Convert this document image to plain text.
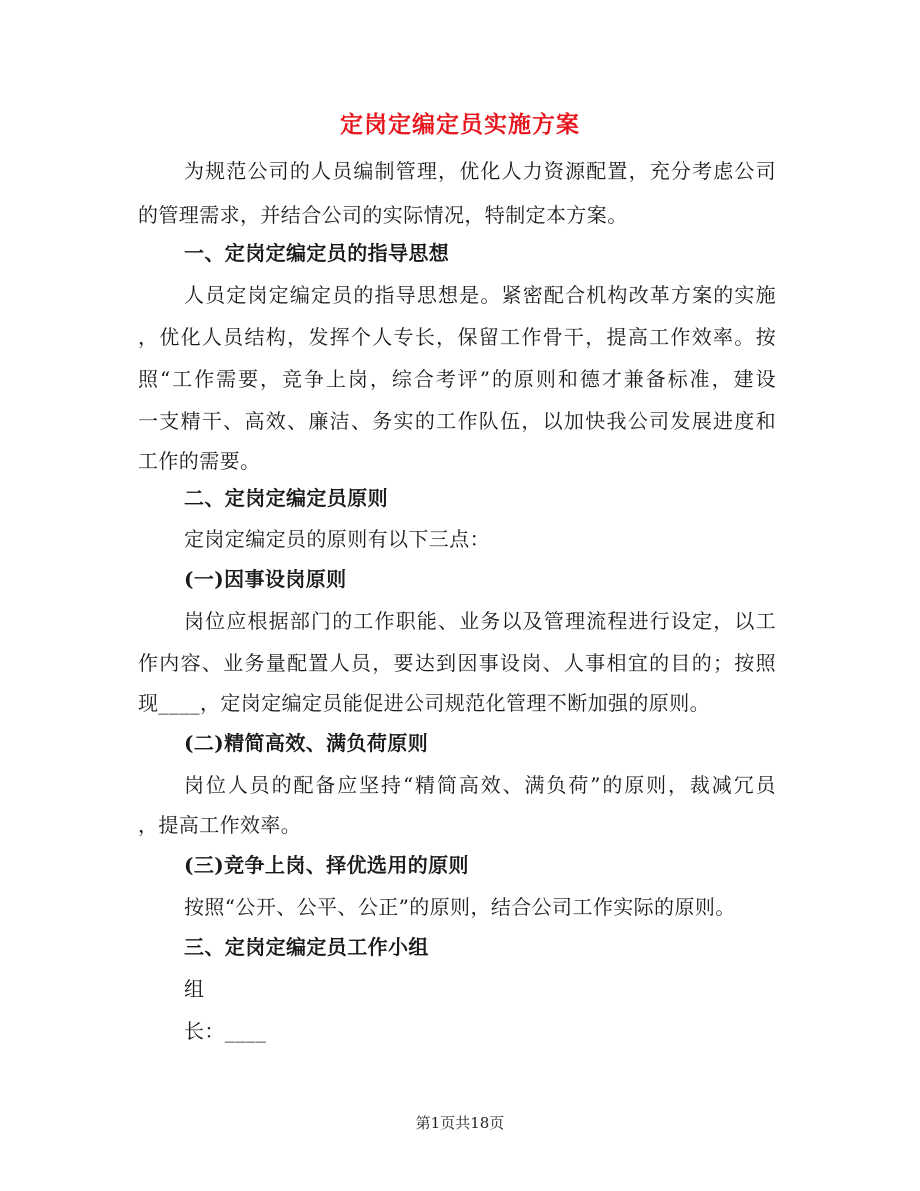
定岗定编定员实施方案
为规范公司的人员编制管理，优化人力资源配置，充分考虑公司
的管理需求，并结合公司的实际情况，特制定本方案。
一、定岗定编定员的指导思想
人员定岗定编定员的指导思想是。紧密配合机构改革方案的实施
，优化人员结构，发挥个人专长，保留工作骨干，提高工作效率。按
照“工作需要，竞争上岗，综合考评”的原则和德才兼备标准，建设
一支精干、高效、廉洁、务实的工作队伍，以加快我公司发展进度和
工作的需要。
二、定岗定编定员原则
定岗定编定员的原则有以下三点：
(一)因事设岗原则
岗位应根据部门的工作职能、业务以及管理流程进行设定，以工
作内容、业务量配置人员，要达到因事设岗、人事相宜的目的；按照
现____，定岗定编定员能促进公司规范化管理不断加强的原则。
(二)精简高效、满负荷原则
岗位人员的配备应坚持“精简高效、满负荷”的原则，裁减冗员
，提高工作效率。
(三)竞争上岗、择优选用的原则
按照“公开、公平、公正”的原则，结合公司工作实际的原则。
三、定岗定编定员工作小组
组
长：____
第1页共18页
